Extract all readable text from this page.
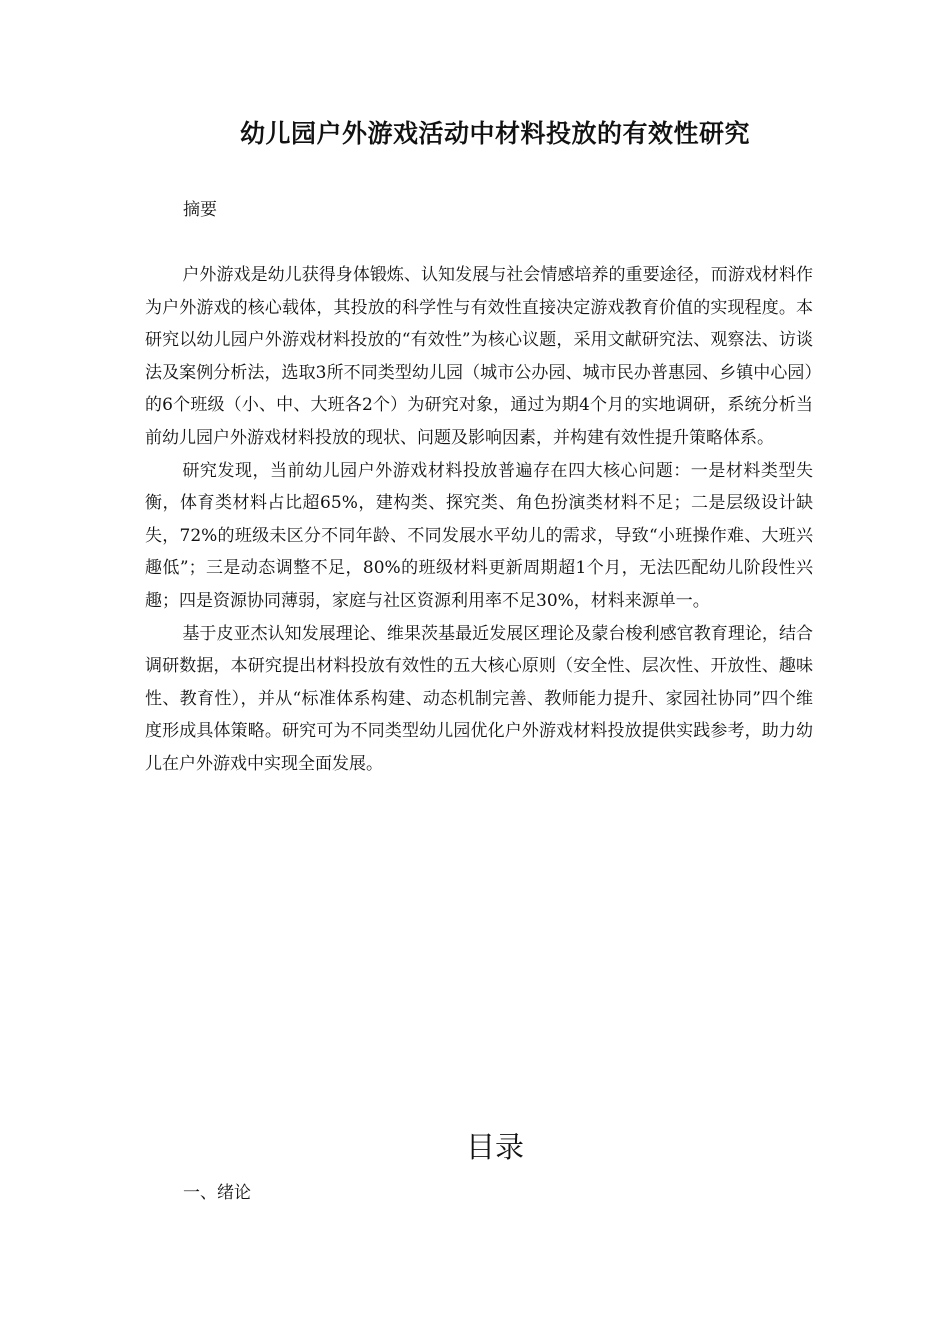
幼儿园户外游戏活动中材料投放的有效性研究

摘要

户外游戏是幼儿获得身体锻炼、认知发展与社会情感培养的重要途径，而游戏材料作为户外游戏的核心载体，其投放的科学性与有效性直接决定游戏教育价值的实现程度。本研究以幼儿园户外游戏材料投放的“有效性”为核心议题，采用文献研究法、观察法、访谈法及案例分析法，选取3所不同类型幼儿园（城市公办园、城市民办普惠园、乡镇中心园）的6个班级（小、中、大班各2个）为研究对象，通过为期4个月的实地调研，系统分析当前幼儿园户外游戏材料投放的现状、问题及影响因素，并构建有效性提升策略体系。

研究发现，当前幼儿园户外游戏材料投放普遍存在四大核心问题：一是材料类型失衡，体育类材料占比超65%，建构类、探究类、角色扮演类材料不足；二是层级设计缺失，72%的班级未区分不同年龄、不同发展水平幼儿的需求，导致“小班操作难、大班兴趣低”；三是动态调整不足，80%的班级材料更新周期超1个月，无法匹配幼儿阶段性兴趣；四是资源协同薄弱，家庭与社区资源利用率不足30%，材料来源单一。

基于皮亚杰认知发展理论、维果茨基最近发展区理论及蒙台梭利感官教育理论，结合调研数据，本研究提出材料投放有效性的五大核心原则（安全性、层次性、开放性、趣味性、教育性），并从“标准体系构建、动态机制完善、教师能力提升、家园社协同”四个维度形成具体策略。研究可为不同类型幼儿园优化户外游戏材料投放提供实践参考，助力幼儿在户外游戏中实现全面发展。

目录

一、绪论
